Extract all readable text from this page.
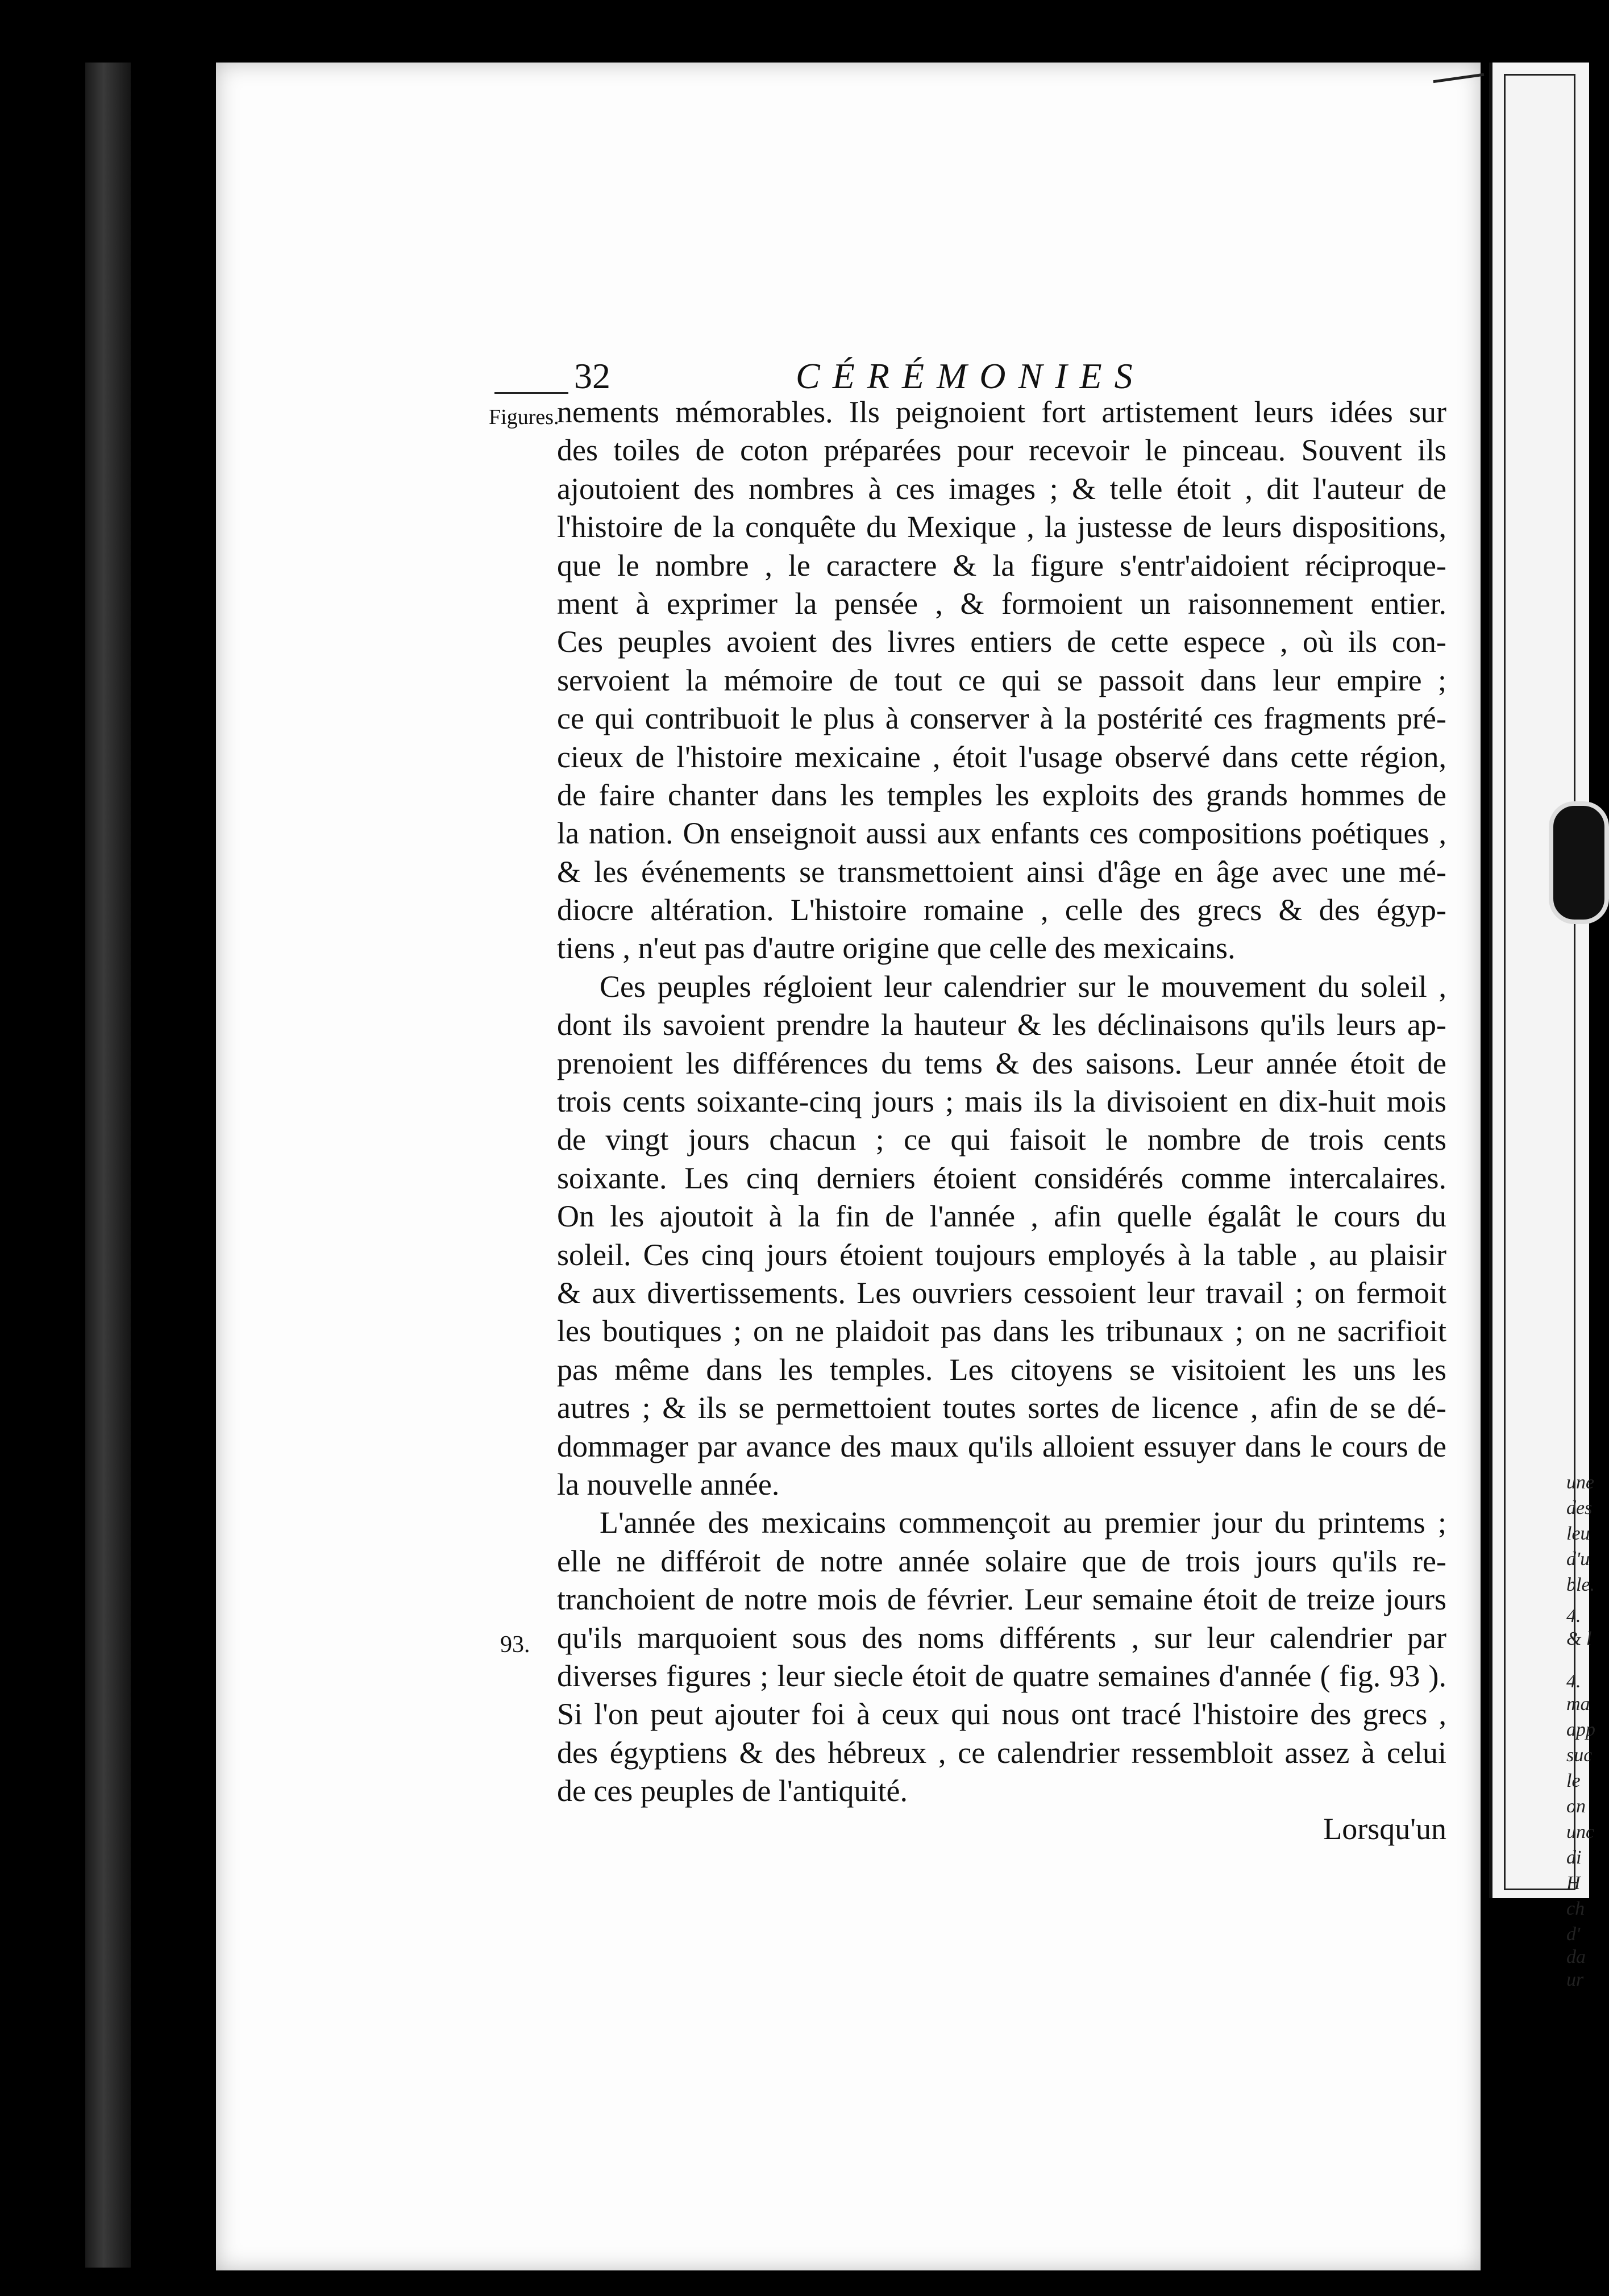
une
des
leu
d'u
ble.
4.
& l
4.
ma
app
suc
le
on
unc
di
H
ch
d'
da
ur
32	CÉRÉMONIES
Figures.
93.
nements mémorables. Ils peignoient fort artistement leurs idées sur
des toiles de coton préparées pour recevoir le pinceau. Souvent ils
ajoutoient des nombres à ces images ; & telle étoit , dit l'auteur de
l'histoire de la conquête du Mexique , la justesse de leurs dispositions,
que le nombre , le caractere & la figure s'entr'aidoient réciproque-
ment à exprimer la pensée , & formoient un raisonnement entier.
Ces peuples avoient des livres entiers de cette espece , où ils con-
servoient la mémoire de tout ce qui se passoit dans leur empire ;
ce qui contribuoit le plus à conserver à la postérité ces fragments pré-
cieux de l'histoire mexicaine , étoit l'usage observé dans cette région,
de faire chanter dans les temples les exploits des grands hommes de
la nation. On enseignoit aussi aux enfants ces compositions poétiques ,
& les événements se transmettoient ainsi d'âge en âge avec une mé-
diocre altération. L'histoire romaine , celle des grecs & des égyp-
tiens , n'eut pas d'autre origine que celle des mexicains.
Ces peuples régloient leur calendrier sur le mouvement du soleil ,
dont ils savoient prendre la hauteur & les déclinaisons qu'ils leurs ap-
prenoient les différences du tems & des saisons. Leur année étoit de
trois cents soixante-cinq jours ; mais ils la divisoient en dix-huit mois
de vingt jours chacun ; ce qui faisoit le nombre de trois cents
soixante. Les cinq derniers étoient considérés comme intercalaires.
On les ajoutoit à la fin de l'année , afin quelle égalât le cours du
soleil. Ces cinq jours étoient toujours employés à la table , au plaisir
& aux divertissements. Les ouvriers cessoient leur travail ; on fermoit
les boutiques ; on ne plaidoit pas dans les tribunaux ; on ne sacrifioit
pas même dans les temples. Les citoyens se visitoient les uns les
autres ; & ils se permettoient toutes sortes de licence , afin de se dé-
dommager par avance des maux qu'ils alloient essuyer dans le cours de
la nouvelle année.
L'année des mexicains commençoit au premier jour du printems ;
elle ne différoit de notre année solaire que de trois jours qu'ils re-
tranchoient de notre mois de février. Leur semaine étoit de treize jours
qu'ils marquoient sous des noms différents , sur leur calendrier par
diverses figures ; leur siecle étoit de quatre semaines d'année ( fig. 93 ).
Si l'on peut ajouter foi à ceux qui nous ont tracé l'histoire des grecs ,
des égyptiens & des hébreux , ce calendrier ressembloit assez à celui
de ces peuples de l'antiquité.
Lorsqu'un
